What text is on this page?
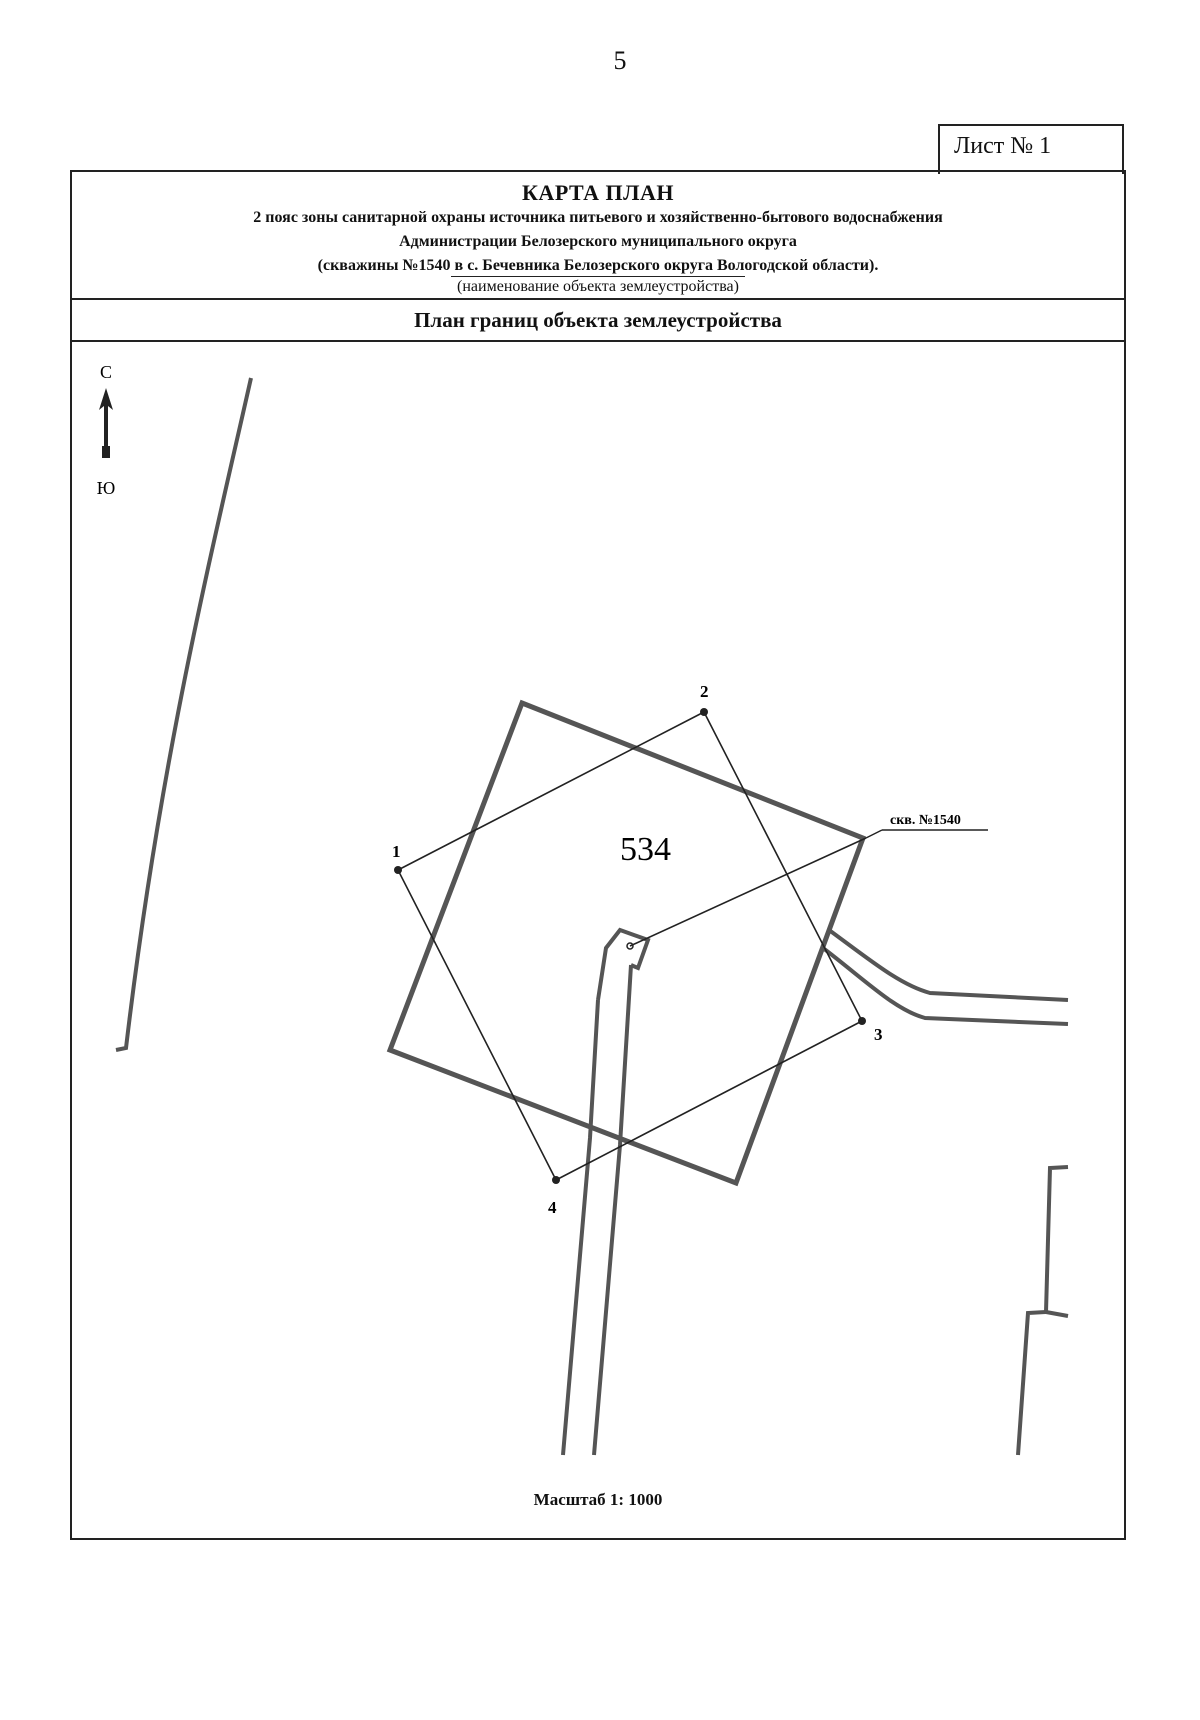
5
Лист № 1
КАРТА ПЛАН
2 пояс зоны санитарной охраны источника питьевого и хозяйственно-бытового водоснабжения
Администрации Белозерского муниципального округа
(скважины №1540 в с. Бечевника Белозерского округа Вологодской области).
(наименование объекта землеустройства)
План границ объекта землеустройства
Масштаб 1: 1000
С
Ю
скв. №1540
534
1
2
3
4
